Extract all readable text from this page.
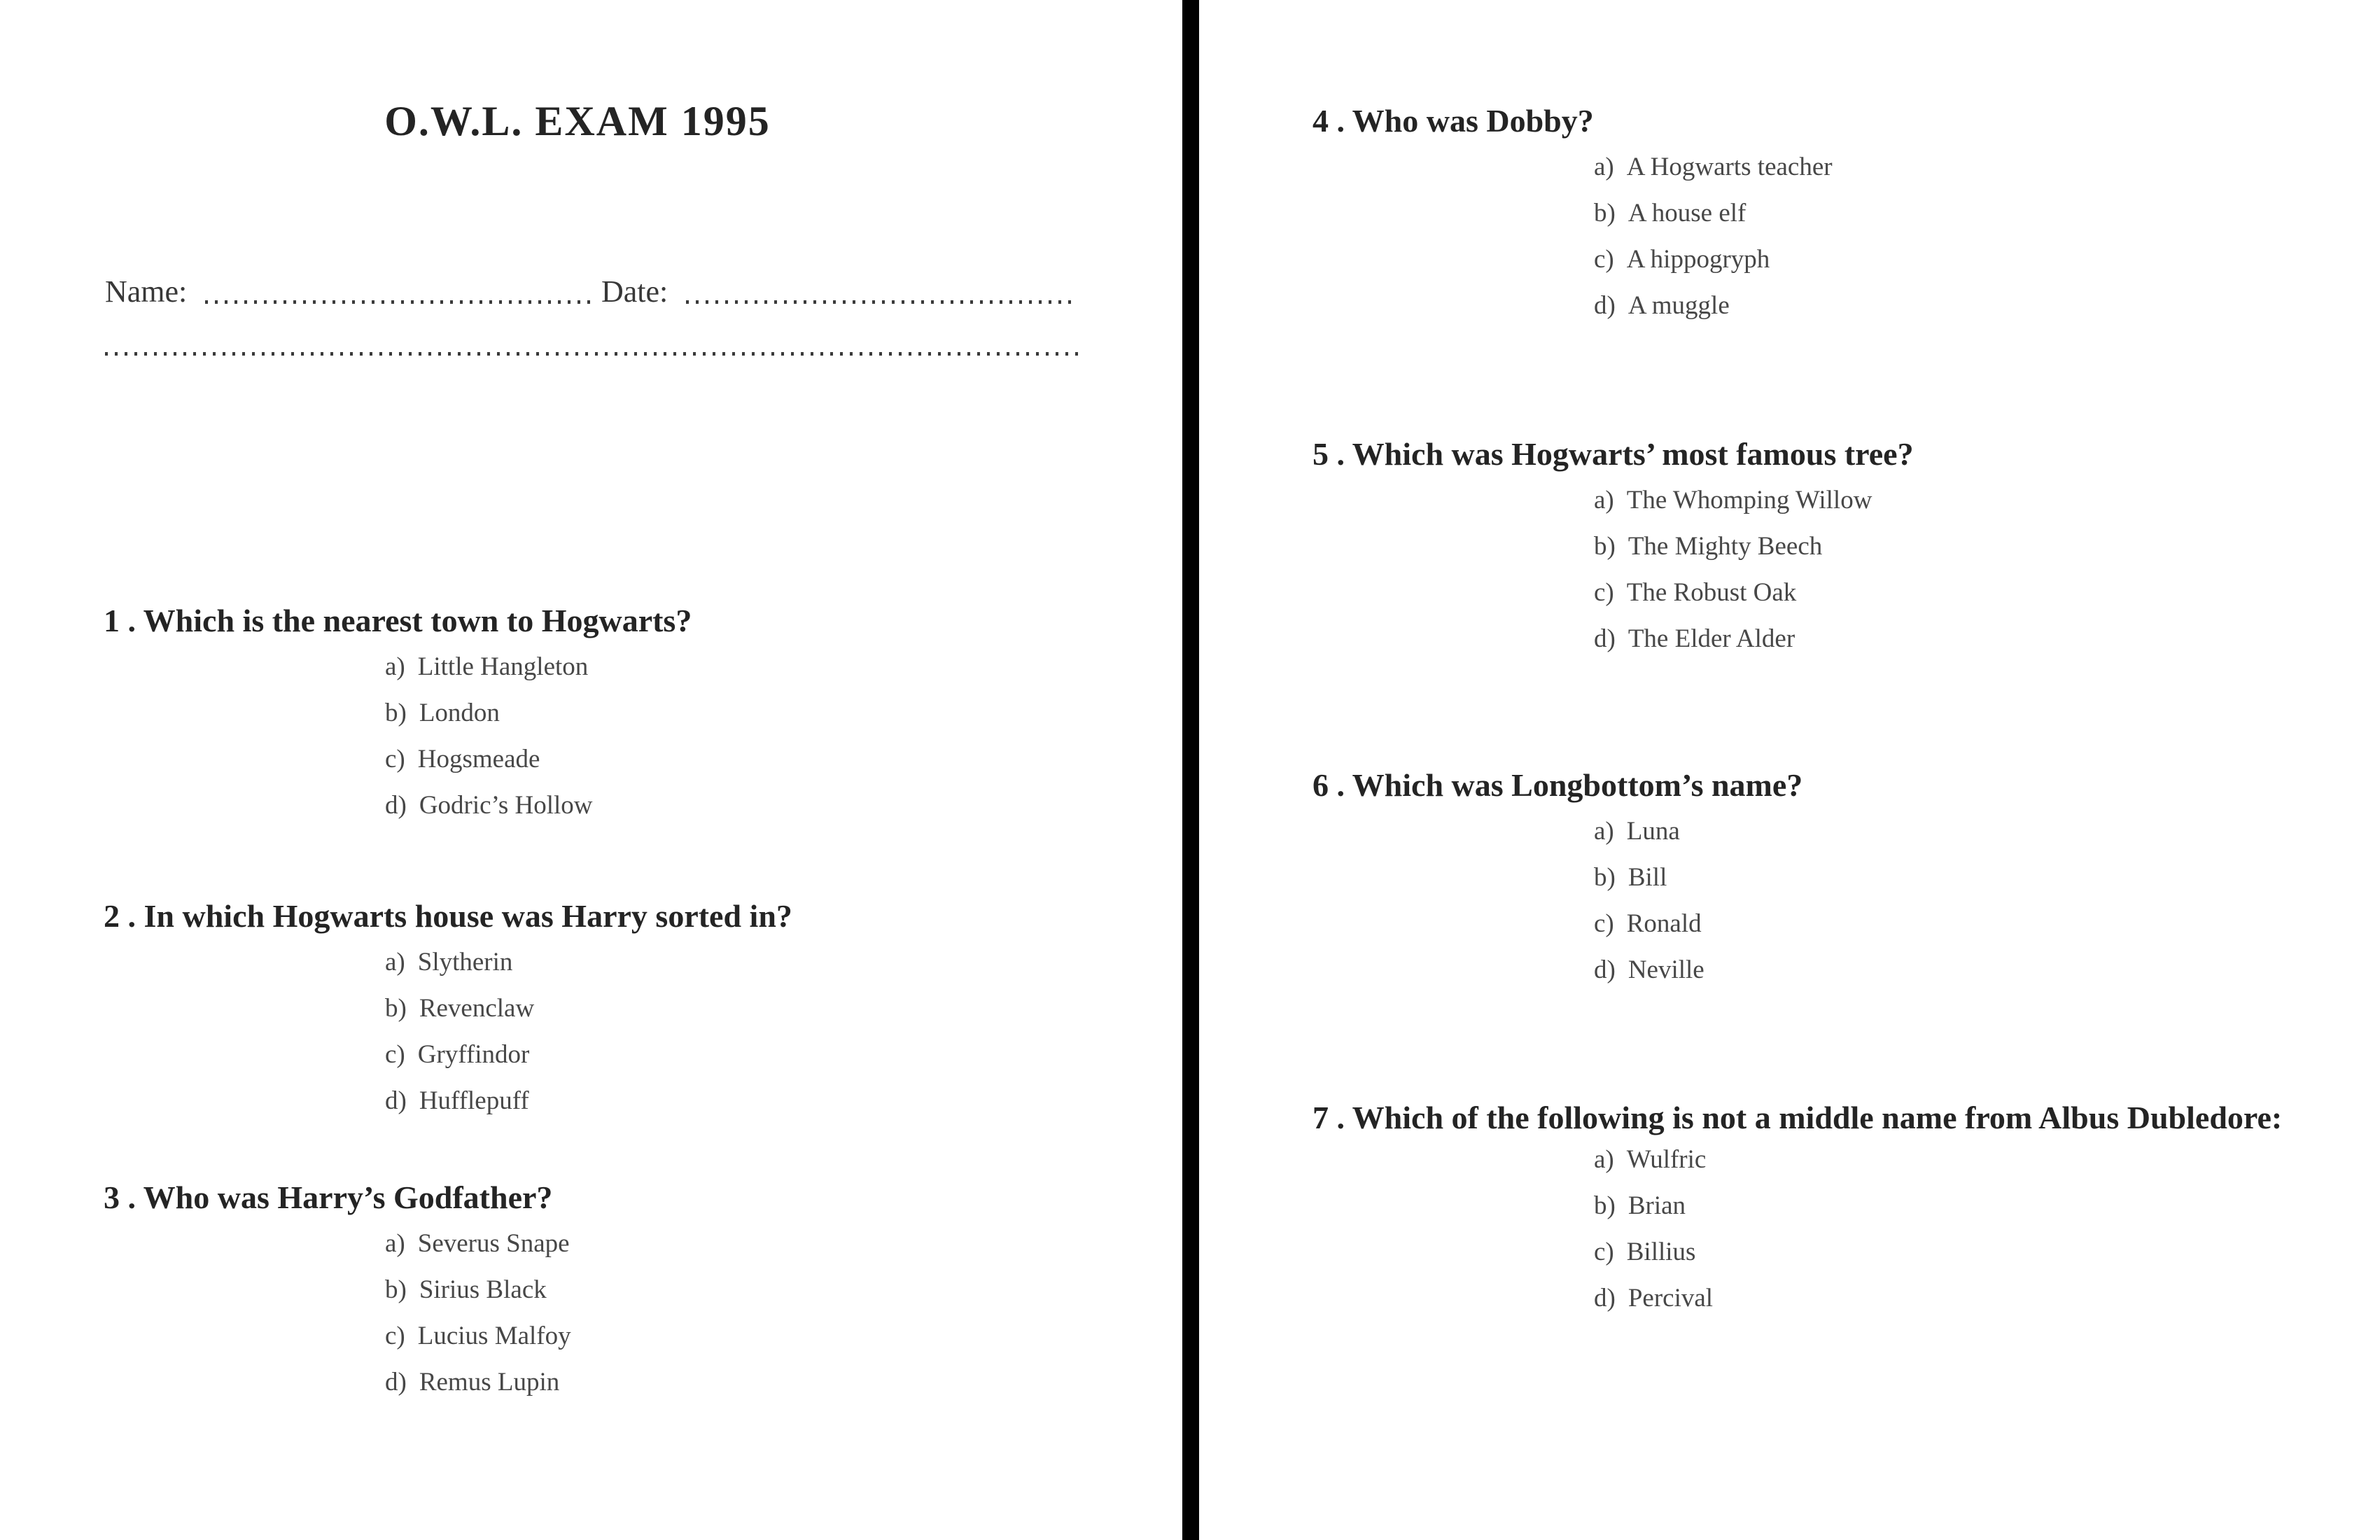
O.W.L. EXAM 1995
Name:	Date:
1 . Which is the nearest town to Hogwarts?
a) Little Hangleton
b) London
c) Hogsmeade
d) Godric’s Hollow
2 . In which Hogwarts house was Harry sorted in?
a) Slytherin
b) Revenclaw
c) Gryffindor
d) Hufflepuff
3 . Who was Harry’s Godfather?
a) Severus Snape
b) Sirius Black
c) Lucius Malfoy
d) Remus Lupin
4 . Who was Dobby?
a) A Hogwarts teacher
b) A house elf
c) A hippogryph
d) A muggle
5 . Which was Hogwarts’ most famous tree?
a) The Whomping Willow
b) The Mighty Beech
c) The Robust Oak
d) The Elder Alder
6 . Which was Longbottom’s name?
a) Luna
b) Bill
c) Ronald
d) Neville
7 . Which of the following is not a middle name from Albus Dubledore:
a) Wulfric
b) Brian
c) Billius
d) Percival
